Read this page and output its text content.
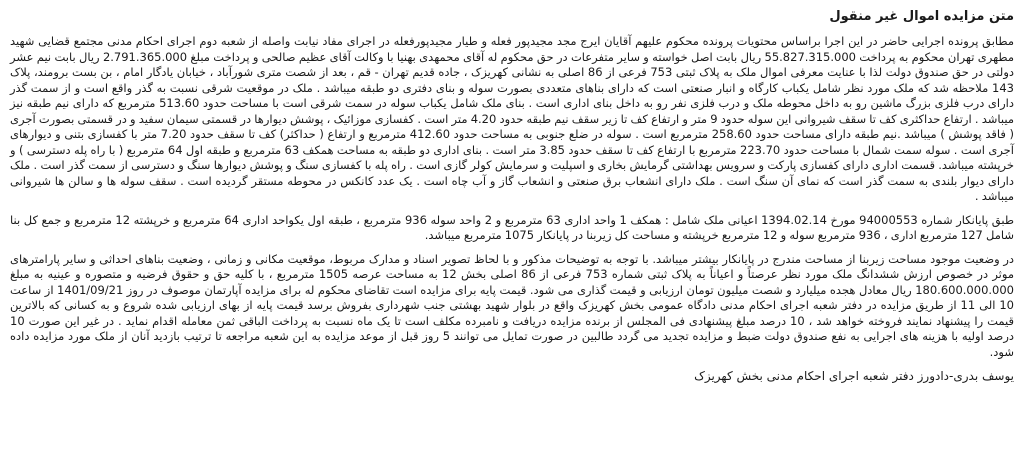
متن مزایده اموال غیر منقول

مطابق پرونده اجرایی حاضر در این اجرا براساس محتویات پرونده محکوم علیهم آقایان ایرج مجد مجیدپور فعله و طیار مجیدپورفعله در اجرای مفاد نیابت واصله از شعبه دوم اجرای احکام مدنی مجتمع قضایی شهید مطهری تهران محکوم به پرداخت 55.827.315.000 ریال بابت اصل خواسته و سایر متفرعات در حق محکوم له آقای محمهدی بهنیا با وکالت آقای عظیم صالحی و پرداخت مبلغ 2.791.365.000 ریال بابت نیم عشر دولتی در حق صندوق دولت لذا با عنایت معرفی اموال ملک به پلاک ثبتی 753 فرعی از 86 اصلی به نشانی کهریزک ، جاده قدیم تهران - قم ، بعد از شصت متری شورآباد ، خیابان یادگار امام ، بن بست برومند، پلاک 143 ملاحظه شد که ملک مورد نظر شامل یکباب کارگاه و انبار صنعتی است که دارای بناهای متعددی بصورت سوله و بنای دفتری دو طبقه میباشد . ملک در موقعیت شرقی نسبت به گذر واقع است و از سمت گذر دارای درب فلزی بزرگ ماشین رو به داخل محوطه ملک و درب فلزی نفر رو به داخل بنای اداری است . بنای ملک شامل یکباب سوله در سمت شرقی است با مساحت حدود 513.60 مترمربع که دارای نیم طبقه نیز میباشد . ارتفاع حداکثری کف تا سقف شیروانی این سوله حدود 9 متر و ارتفاع کف تا زیر سقف نیم طبقه حدود 4.20 متر است . کفسازی موزائیک ، پوشش دیوارها در قسمتی سیمان سفید و در قسمتی بصورت آجری ( فاقد پوشش ) میباشد .نیم طبقه دارای مساحت حدود 258.60 مترمربع است . سوله در ضلع جنوبی به مساحت حدود 412.60 مترمربع و ارتفاع ( حداکثر) کف تا سقف حدود 7.20 متر با کفسازی بتنی و دیوارهای آجری است . سوله سمت شمال با مساحت حدود 223.70 مترمربع با ارتفاع کف تا سقف حدود 3.85 متر است . بنای اداری دو طبقه به مساحت همکف 63 مترمربع و طبقه اول 64 مترمربع ( با راه پله دسترسی ) و خرپشته میباشد. قسمت اداری دارای کفسازی پارکت و سرویس بهداشتی گرمایش بخاری و اسپلیت و سرمایش کولر گازی است . راه پله با کفسازی سنگ و پوشش دیوارها سنگ و دسترسی از سمت گذر است . ملک دارای دیوار بلندی به سمت گذر است که نمای آن سنگ است . ملک دارای انشعاب برق صنعتی و انشعاب گاز و آب چاه است . یک عدد کانکس در محوطه مستقر گردیده است . سقف سوله ها و سالن ها شیروانی میباشد .

طبق پایانکار شماره 94000553 مورخ 1394.02.14 اعیانی ملک شامل : همکف 1 واحد اداری 63 مترمربع و 2 واحد سوله 936 مترمربع ، طبقه اول یکواحد اداری 64 مترمربع و خرپشته 12 مترمربع و جمع کل بنا شامل 127 مترمربع اداری ، 936 مترمربع سوله و 12 مترمربع خرپشته و مساحت کل زیربنا در پایانکار 1075 مترمربع میباشد.

در وضعیت موجود مساحت زیربنا از مساحت مندرج در پایانکار بیشتر میباشد. با توجه به توضیحات مذکور و با لحاظ تصویر اسناد و مدارک مربوط، موقعیت مکانی و زمانی ، وضعیت بناهای احداثی و سایر پارامترهای موثر در خصوص ارزش ششدانگ ملک مورد نظر عرصتاً و اعیاناً به پلاک ثبتی شماره 753 فرعی از 86 اصلی بخش 12 به مساحت عرصه 1505 مترمربع ، با کلیه حق و حقوق فرضیه و متصوره و عینیه به مبلغ 180.600.000.000 ریال معادل هجده میلیارد و شصت میلیون تومان ارزیابی و قیمت گذاری می شود. قیمت پایه برای مزایده است تقاضای محکوم له برای مزایده آپارتمان موصوف در روز 1401/09/21 از ساعت 10 الی 11 از طریق مزایده در دفتر شعبه اجرای احکام مدنی دادگاه عمومی بخش کهریزک واقع در بلوار شهید بهشتی جنب شهرداری بفروش برسد قیمت پایه از بهای ارزیابی شده شروع و به کسانی که بالاترین قیمت را پیشنهاد نمایند فروخته خواهد شد ، 10 درصد مبلغ پیشنهادی فی المجلس از برنده مزایده دریافت و نامبرده مکلف است تا یک ماه نسبت به پرداخت الباقی ثمن معامله اقدام نماید . در غیر این صورت 10 درصد اولیه با هزینه های اجرایی به نفع صندوق دولت ضبط و مزایده تجدید می گردد طالبین در صورت تمایل می توانند 5 روز قبل از موعد مزایده به این شعبه مراجعه تا ترتیب بازدید آنان از ملک مورد مزایده داده شود.

یوسف بدری-دادورز دفتر شعبه اجرای احکام مدنی بخش کهریزک
